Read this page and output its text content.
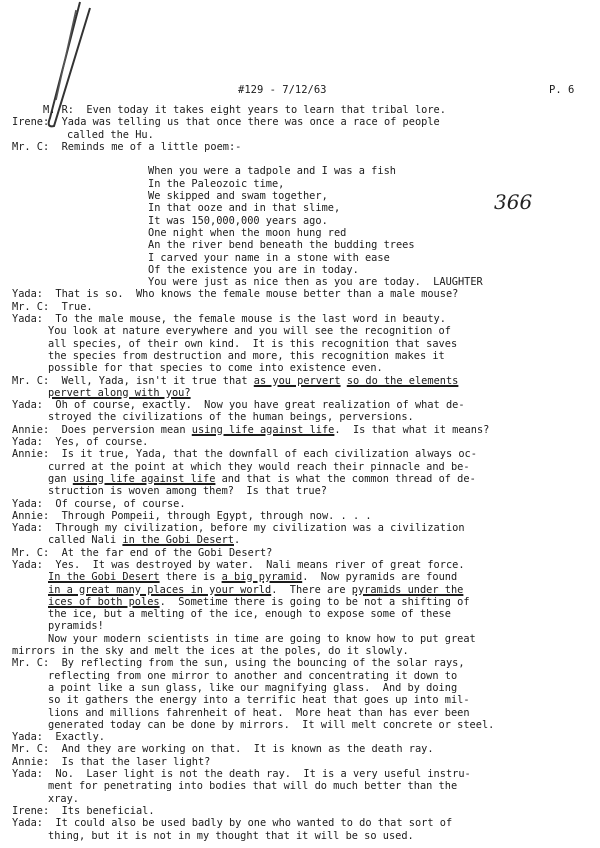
#129 - 7/12/63	P. 6
366
M. R:  Even today it takes eight years to learn that tribal lore.
Irene:  Yada was telling us that once there was once a race of people
called the Hu.
Mr. C:  Reminds me of a little poem:-
When you were a tadpole and I was a fish
In the Paleozoic time,
We skipped and swam together,
In that ooze and in that slime,
It was 150,000,000 years ago.
One night when the moon hung red
An the river bend beneath the budding trees
I carved your name in a stone with ease
Of the existence you are in today.
You were just as nice then as you are today.  LAUGHTER
Yada:  That is so.  Who knows the female mouse better than a male mouse?
Mr. C:  True.
Yada:  To the male mouse, the female mouse is the last word in beauty.
You look at nature everywhere and you will see the recognition of
all species, of their own kind.  It is this recognition that saves
the species from destruction and more, this recognition makes it
possible for that species to come into existence even.
Mr. C:  Well, Yada, isn't it true that as you pervert so do the elements
pervert along with you?
Yada:  Oh of course, exactly.  Now you have great realization of what de-
stroyed the civilizations of the human beings, perversions.
Annie:  Does perversion mean using life against life.  Is that what it means?
Yada:  Yes, of course.
Annie:  Is it true, Yada, that the downfall of each civilization always oc-
curred at the point at which they would reach their pinnacle and be-
gan using life against life and that is what the common thread of de-
struction is woven among them?  Is that true?
Yada:  Of course, of course.
Annie:  Through Pompeii, through Egypt, through now. . . .
Yada:  Through my civilization, before my civilization was a civilization
called Nali in the Gobi Desert.
Mr. C:  At the far end of the Gobi Desert?
Yada:  Yes.  It was destroyed by water.  Nali means river of great force.
In the Gobi Desert there is a big pyramid.  Now pyramids are found
in a great many places in your world.  There are pyramids under the
ices of both poles.  Sometime there is going to be not a shifting of
the ice, but a melting of the ice, enough to expose some of these
pyramids!
Now your modern scientists in time are going to know how to put great
mirrors in the sky and melt the ices at the poles, do it slowly.
Mr. C:  By reflecting from the sun, using the bouncing of the solar rays,
reflecting from one mirror to another and concentrating it down to
a point like a sun glass, like our magnifying glass.  And by doing
so it gathers the energy into a terrific heat that goes up into mil-
lions and millions fahrenheit of heat.  More heat than has ever been
generated today can be done by mirrors.  It will melt concrete or steel.
Yada:  Exactly.
Mr. C:  And they are working on that.  It is known as the death ray.
Annie:  Is that the laser light?
Yada:  No.  Laser light is not the death ray.  It is a very useful instru-
ment for penetrating into bodies that will do much better than the
xray.
Irene:  Its beneficial.
Yada:  It could also be used badly by one who wanted to do that sort of
thing, but it is not in my thought that it will be so used.
